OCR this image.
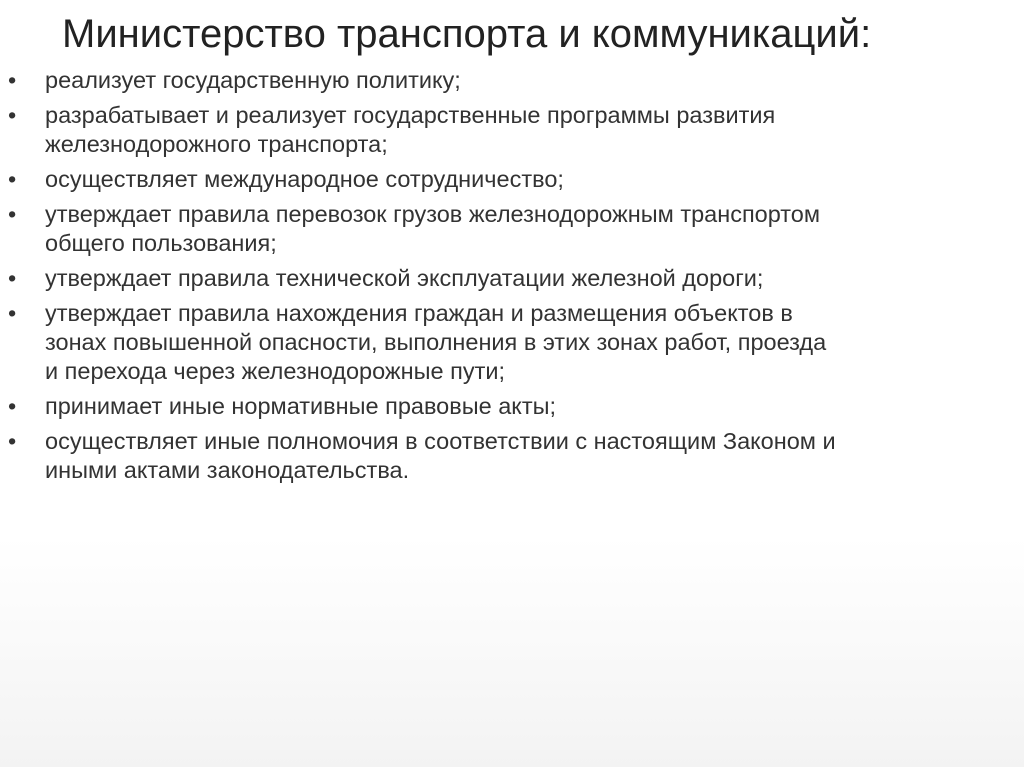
Министерство транспорта и коммуникаций:
•	реализует государственную политику;
•	разрабатывает и реализует государственные программы развития
железнодорожного транспорта;
•	осуществляет международное сотрудничество;
•	утверждает правила перевозок грузов железнодорожным транспортом
общего пользования;
•	утверждает правила технической эксплуатации железной дороги;
•	утверждает правила нахождения граждан и размещения объектов в
зонах повышенной опасности, выполнения в этих зонах работ, проезда
и перехода через железнодорожные пути;
•	принимает иные нормативные правовые акты;
•	осуществляет иные полномочия в соответствии с настоящим Законом и
иными актами законодательства.
